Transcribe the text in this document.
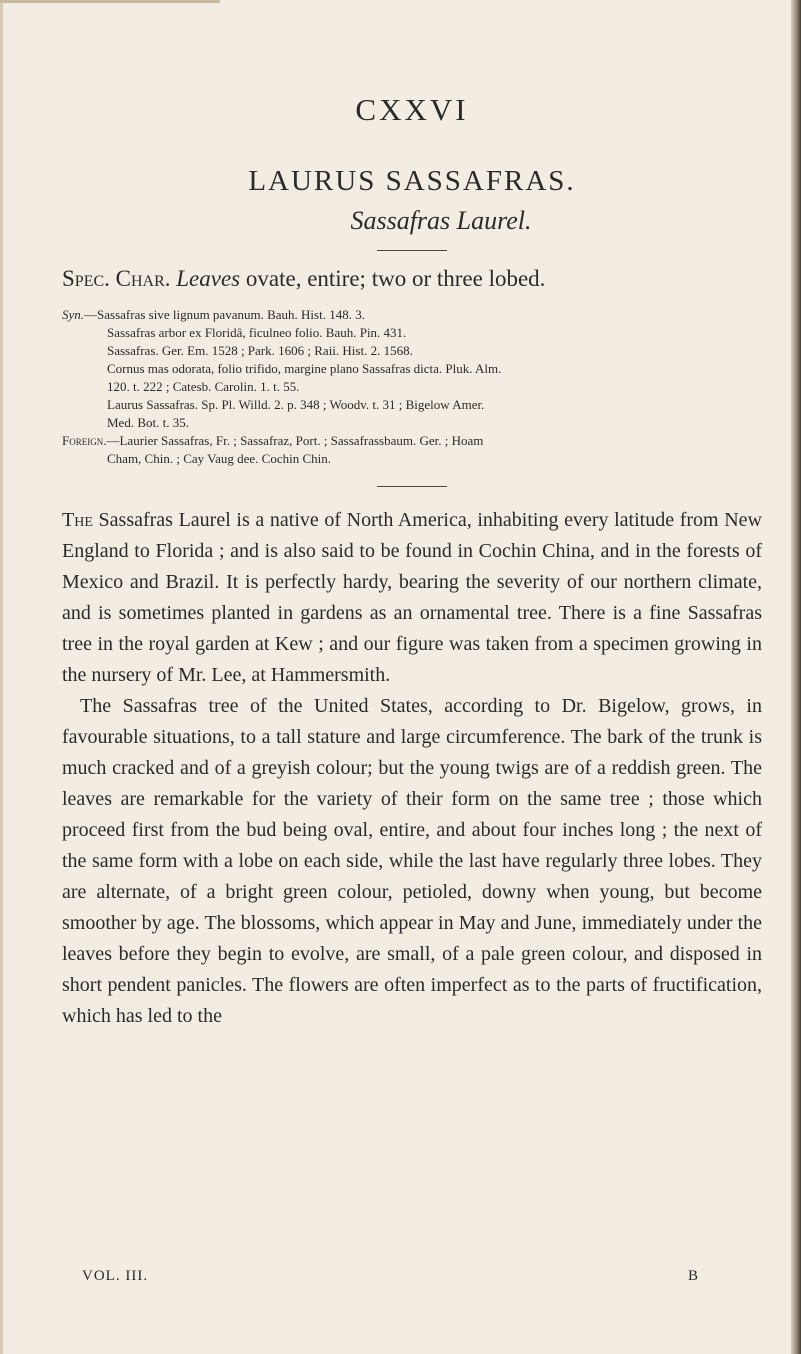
CXXVI
LAURUS SASSAFRAS.
Sassafras Laurel.

Spec. Char. Leaves ovate, entire; two or three lobed.

Syn.—Sassafras sive lignum pavanum. Bauh. Hist. 148. 3.

Sassafras arbor ex Floridâ, ficulneo folio. Bauh. Pin. 431.

Sassafras. Ger. Em. 1528 ; Park. 1606 ; Raii. Hist. 2. 1568.

Cornus mas odorata, folio trifido, margine plano Sassafras dicta. Pluk. Alm.

120. t. 222 ; Catesb. Carolin. 1. t. 55.

Laurus Sassafras. Sp. Pl. Willd. 2. p. 348 ; Woodv. t. 31 ; Bigelow Amer.

Med. Bot. t. 35.

Foreign.—Laurier Sassafras, Fr. ; Sassafraz, Port. ; Sassafrassbaum. Ger. ; Hoam

Cham, Chin. ; Cay Vaug dee. Cochin Chin.

The Sassafras Laurel is a native of North America, inhabiting every latitude from New England to Florida ; and is also said to be found in Cochin China, and in the forests of Mexico and Brazil. It is perfectly hardy, bearing the severity of our northern climate, and is sometimes planted in gardens as an ornamental tree. There is a fine Sassafras tree in the royal garden at Kew ; and our figure was taken from a specimen growing in the nursery of Mr. Lee, at Hammersmith.

The Sassafras tree of the United States, according to Dr. Bigelow, grows, in favourable situations, to a tall stature and large circumference. The bark of the trunk is much cracked and of a greyish colour; but the young twigs are of a reddish green. The leaves are remarkable for the variety of their form on the same tree ; those which proceed first from the bud being oval, entire, and about four inches long ; the next of the same form with a lobe on each side, while the last have regularly three lobes. They are alternate, of a bright green colour, petioled, downy when young, but become smoother by age. The blossoms, which appear in May and June, immediately under the leaves before they begin to evolve, are small, of a pale green colour, and disposed in short pendent panicles. The flowers are often imperfect as to the parts of fructification, which has led to the

VOL. III.	B
